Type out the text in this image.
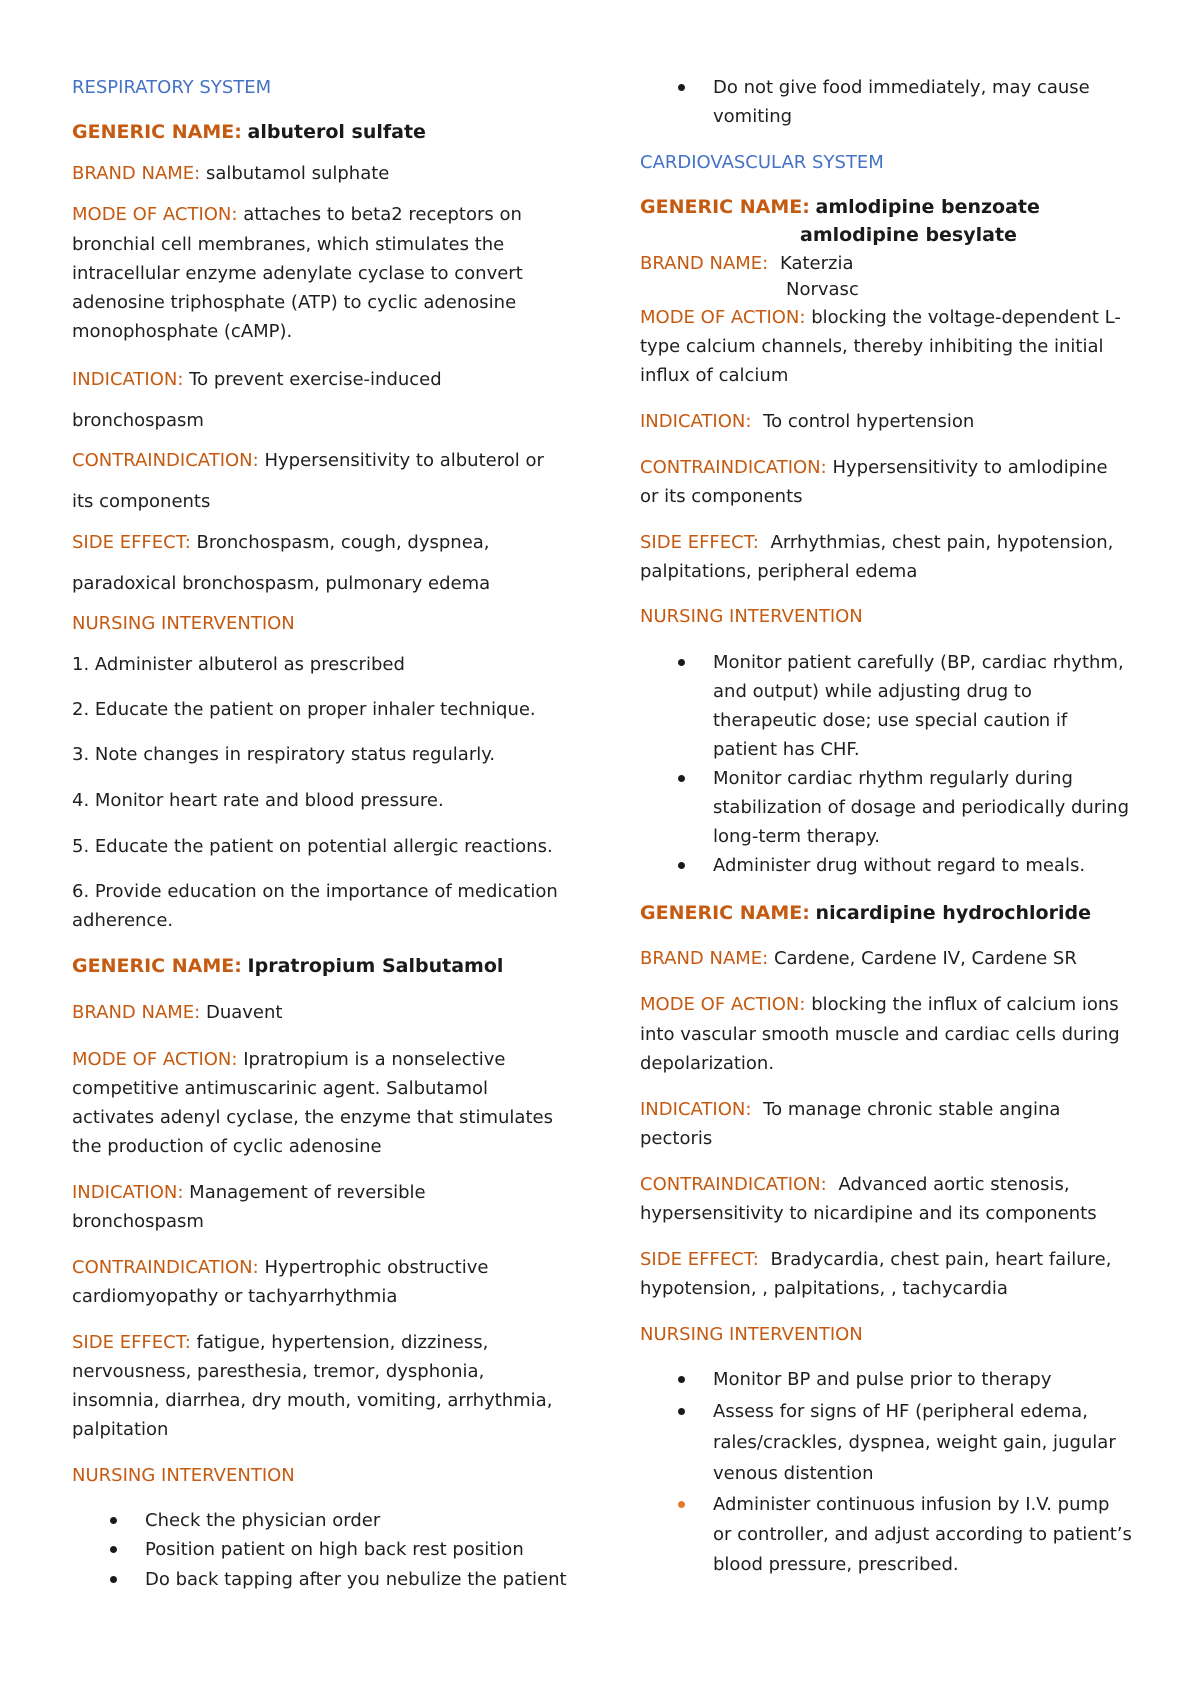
RESPIRATORY SYSTEM
GENERIC NAME: albuterol sulfate
BRAND NAME: salbutamol sulphate
MODE OF ACTION: attaches to beta2 receptors on
bronchial cell membranes, which stimulates the
intracellular enzyme adenylate cyclase to convert
adenosine triphosphate (ATP) to cyclic adenosine
monophosphate (cAMP).
INDICATION: To prevent exercise-induced
bronchospasm
CONTRAINDICATION: Hypersensitivity to albuterol or
its components
SIDE EFFECT: Bronchospasm, cough, dyspnea,
paradoxical bronchospasm, pulmonary edema
NURSING INTERVENTION
1. Administer albuterol as prescribed
2. Educate the patient on proper inhaler technique.
3. Note changes in respiratory status regularly.
4. Monitor heart rate and blood pressure.
5. Educate the patient on potential allergic reactions.
6. Provide education on the importance of medication
adherence.
GENERIC NAME: Ipratropium Salbutamol
BRAND NAME: Duavent
MODE OF ACTION: Ipratropium is a nonselective
competitive antimuscarinic agent. Salbutamol
activates adenyl cyclase, the enzyme that stimulates
the production of cyclic adenosine
INDICATION: Management of reversible
bronchospasm
CONTRAINDICATION: Hypertrophic obstructive
cardiomyopathy or tachyarrhythmia
SIDE EFFECT: fatigue, hypertension, dizziness,
nervousness, paresthesia, tremor, dysphonia,
insomnia, diarrhea, dry mouth, vomiting, arrhythmia,
palpitation
NURSING INTERVENTION
Check the physician order
Position patient on high back rest position
Do back tapping after you nebulize the patient
Do not give food immediately, may cause
vomiting
CARDIOVASCULAR SYSTEM
GENERIC NAME: amlodipine benzoate
amlodipine besylate
BRAND NAME: Katerzia
Norvasc
MODE OF ACTION: blocking the voltage-dependent L-
type calcium channels, thereby inhibiting the initial
influx of calcium
INDICATION: To control hypertension
CONTRAINDICATION: Hypersensitivity to amlodipine
or its components
SIDE EFFECT: Arrhythmias, chest pain, hypotension,
palpitations, peripheral edema
NURSING INTERVENTION
Monitor patient carefully (BP, cardiac rhythm,
and output) while adjusting drug to
therapeutic dose; use special caution if
patient has CHF.
Monitor cardiac rhythm regularly during
stabilization of dosage and periodically during
long-term therapy.
Administer drug without regard to meals.
GENERIC NAME: nicardipine hydrochloride
BRAND NAME: Cardene, Cardene IV, Cardene SR
MODE OF ACTION: blocking the influx of calcium ions
into vascular smooth muscle and cardiac cells during
depolarization.
INDICATION: To manage chronic stable angina
pectoris
CONTRAINDICATION: Advanced aortic stenosis,
hypersensitivity to nicardipine and its components
SIDE EFFECT: Bradycardia, chest pain, heart failure,
hypotension, , palpitations, , tachycardia
NURSING INTERVENTION
Monitor BP and pulse prior to therapy
Assess for signs of HF (peripheral edema,
rales/crackles, dyspnea, weight gain, jugular
venous distention
Administer continuous infusion by I.V. pump
or controller, and adjust according to patient’s
blood pressure, prescribed.
